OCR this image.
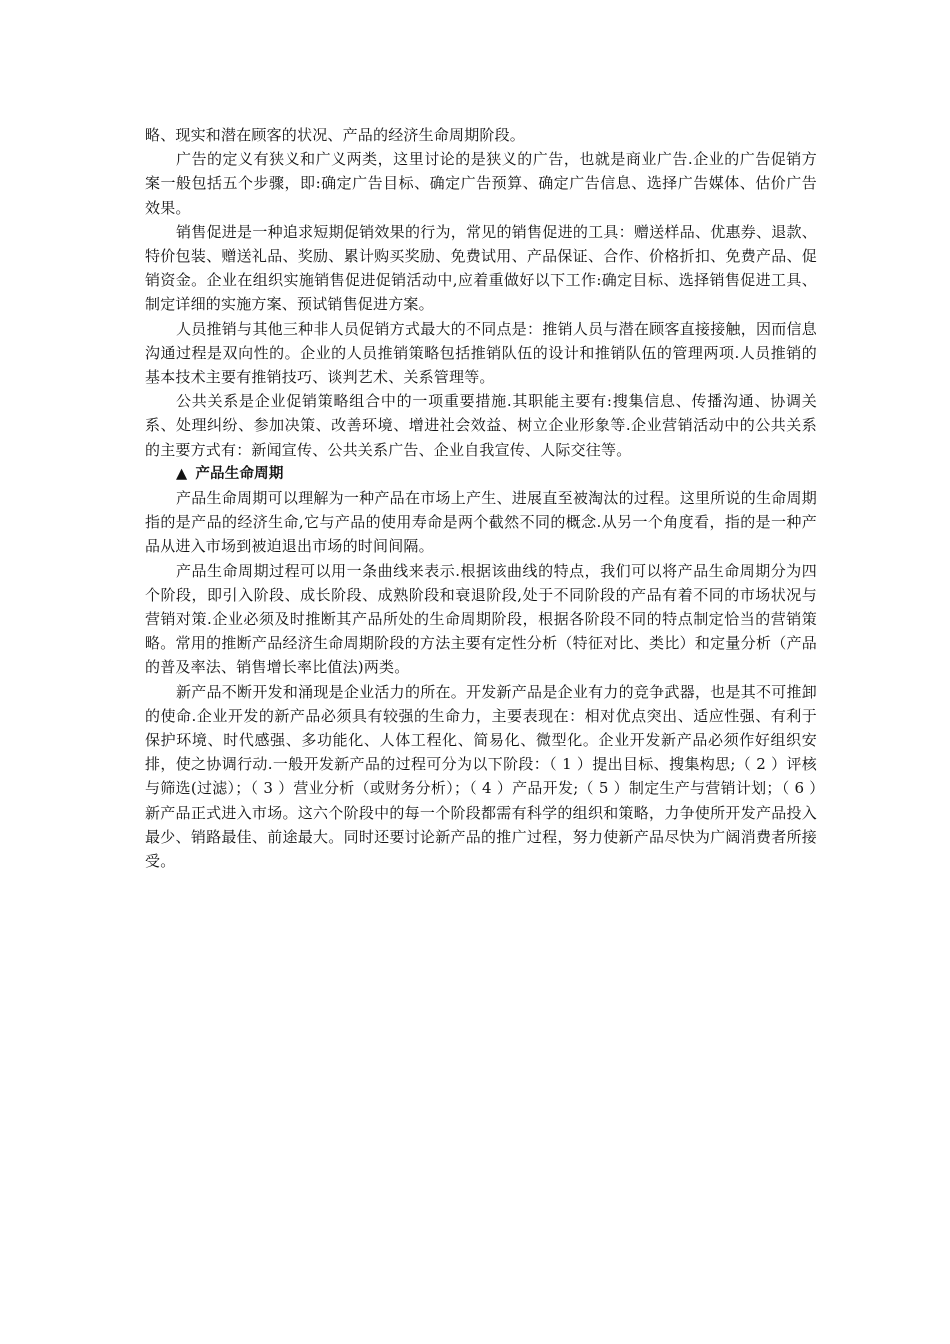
略、现实和潜在顾客的状况、产品的经济生命周期阶段。

广告的定义有狭义和广义两类，这里讨论的是狭义的广告，也就是商业广告.企业的广告促销方案一般包括五个步骤，即:确定广告目标、确定广告预算、确定广告信息、选择广告媒体、估价广告效果。

销售促进是一种追求短期促销效果的行为，常见的销售促进的工具：赠送样品、优惠券、退款、特价包装、赠送礼品、奖励、累计购买奖励、免费试用、产品保证、合作、价格折扣、免费产品、促销资金。企业在组织实施销售促进促销活动中,应着重做好以下工作:确定目标、选择销售促进工具、制定详细的实施方案、预试销售促进方案。

人员推销与其他三种非人员促销方式最大的不同点是：推销人员与潜在顾客直接接触，因而信息沟通过程是双向性的。企业的人员推销策略包括推销队伍的设计和推销队伍的管理两项.人员推销的基本技术主要有推销技巧、谈判艺术、关系管理等。

公共关系是企业促销策略组合中的一项重要措施.其职能主要有:搜集信息、传播沟通、协调关系、处理纠纷、参加决策、改善环境、增进社会效益、树立企业形象等.企业营销活动中的公共关系的主要方式有：新闻宣传、公共关系广告、企业自我宣传、人际交往等。

▲ 产品生命周期

产品生命周期可以理解为一种产品在市场上产生、进展直至被淘汰的过程。这里所说的生命周期指的是产品的经济生命,它与产品的使用寿命是两个截然不同的概念.从另一个角度看，指的是一种产品从进入市场到被迫退出市场的时间间隔。

产品生命周期过程可以用一条曲线来表示.根据该曲线的特点，我们可以将产品生命周期分为四个阶段，即引入阶段、成长阶段、成熟阶段和衰退阶段,处于不同阶段的产品有着不同的市场状况与营销对策.企业必须及时推断其产品所处的生命周期阶段，根据各阶段不同的特点制定恰当的营销策略。常用的推断产品经济生命周期阶段的方法主要有定性分析（特征对比、类比）和定量分析（产品的普及率法、销售增长率比值法)两类。

新产品不断开发和涌现是企业活力的所在。开发新产品是企业有力的竞争武器，也是其不可推卸的使命.企业开发的新产品必须具有较强的生命力，主要表现在：相对优点突出、适应性强、有利于保护环境、时代感强、多功能化、人体工程化、简易化、微型化。企业开发新产品必须作好组织安排，使之协调行动.一般开发新产品的过程可分为以下阶段：（ 1 ）提出目标、搜集构思;（ 2 ）评核与筛选(过滤）；（ 3 ）营业分析（或财务分析）；（ 4 ）产品开发;（ 5 ）制定生产与营销计划；（ 6 ）新产品正式进入市场。这六个阶段中的每一个阶段都需有科学的组织和策略，力争使所开发产品投入最少、销路最佳、前途最大。同时还要讨论新产品的推广过程，努力使新产品尽快为广阔消费者所接受。
